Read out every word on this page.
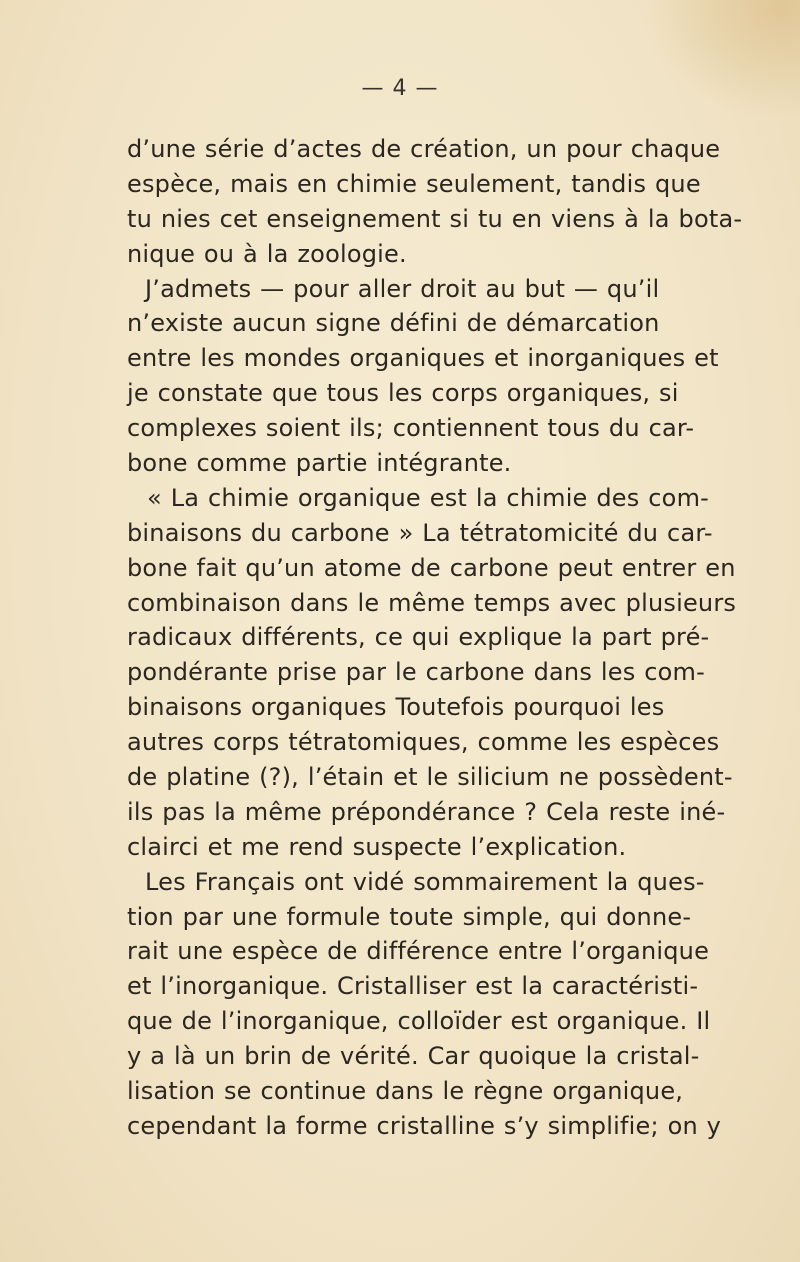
— 4 —
d’une série d’actes de création, un pour chaque
espèce, mais en chimie seulement, tandis que
tu nies cet enseignement si tu en viens à la bota-
nique ou à la zoologie.
J’admets — pour aller droit au but — qu’il
n’existe aucun signe défini de démarcation
entre les mondes organiques et inorganiques et
je constate que tous les corps organiques, si
complexes soient ils; contiennent tous du car-
bone comme partie intégrante.
« La chimie organique est la chimie des com-
binaisons du carbone » La tétratomicité du car-
bone fait qu’un atome de carbone peut entrer en
combinaison dans le même temps avec plusieurs
radicaux différents, ce qui explique la part pré-
pondérante prise par le carbone dans les com-
binaisons organiques Toutefois pourquoi les
autres corps tétratomiques, comme les espèces
de platine (?), l’étain et le silicium ne possèdent-
ils pas la même prépondérance ? Cela reste iné-
clairci et me rend suspecte l’explication.
Les Français ont vidé sommairement la ques-
tion par une formule toute simple, qui donne-
rait une espèce de différence entre l’organique
et l’inorganique. Cristalliser est la caractéristi-
que de l’inorganique, colloïder est organique. Il
y a là un brin de vérité. Car quoique la cristal-
lisation se continue dans le règne organique,
cependant la forme cristalline s’y simplifie; on y
